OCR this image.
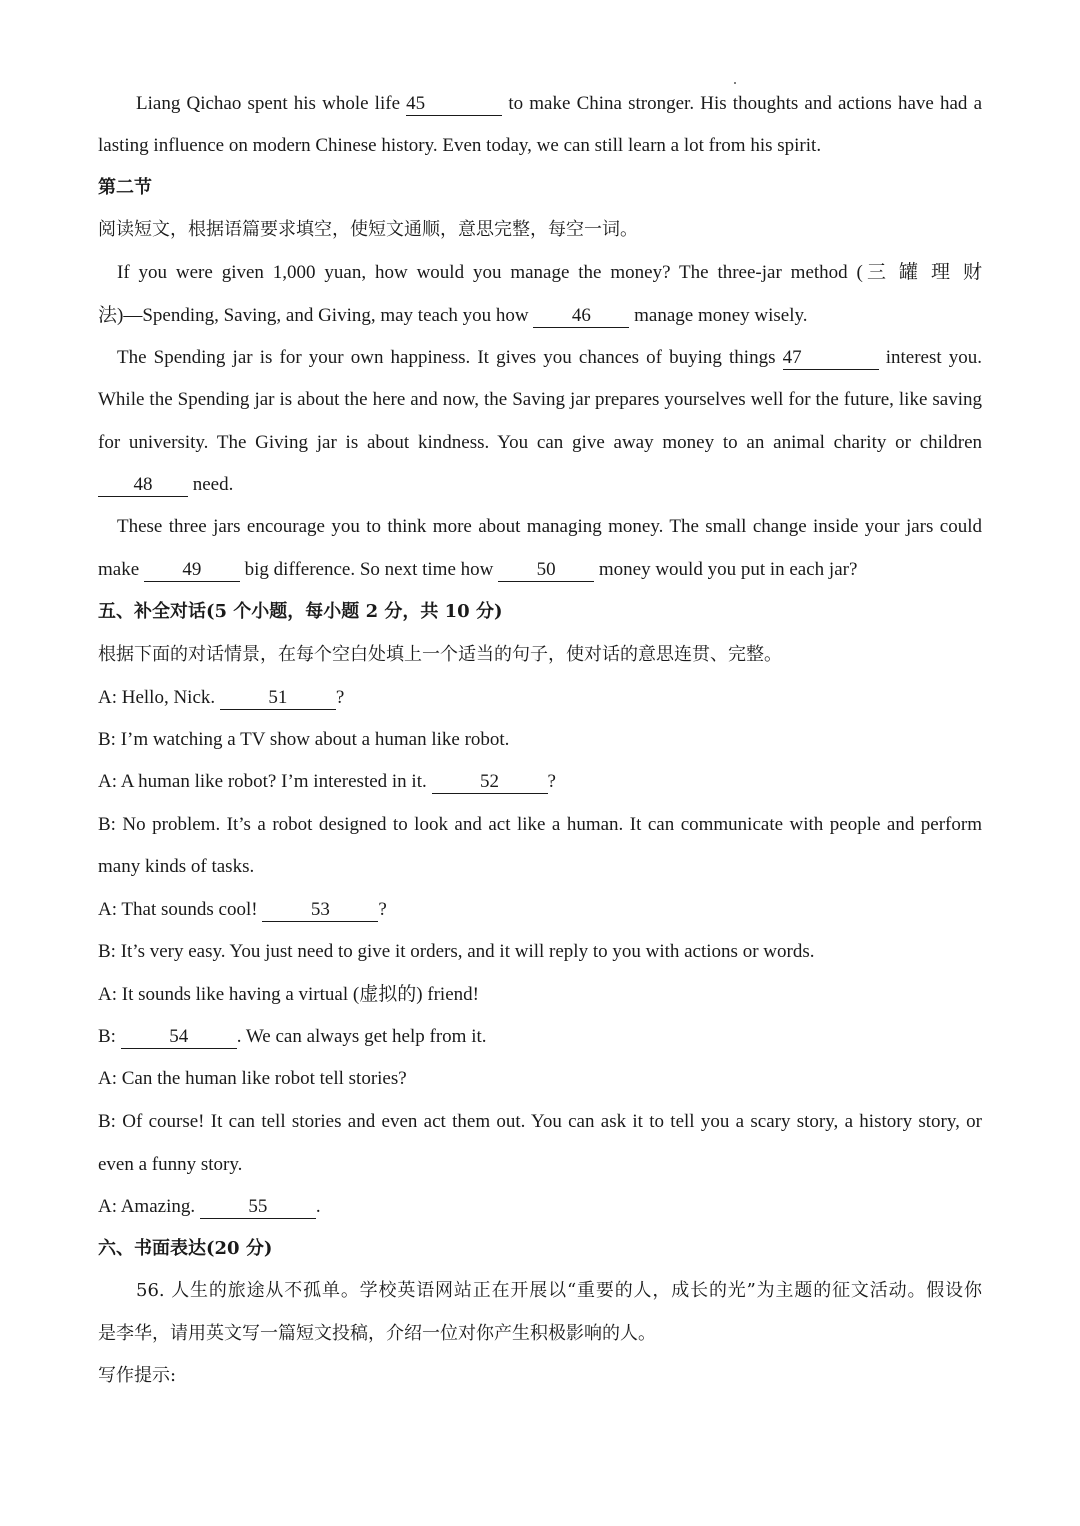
Liang Qichao spent his whole life 45	to make China stronger. His thoughts and actions have had a
lasting influence on modern Chinese history. Even today, we can still learn a lot from his spirit.
第二节
阅读短文，根据语篇要求填空，使短文通顺，意思完整，每空一词。
If you were given 1,000 yuan, how would you manage the money? The three-jar method (三 罐 理 财
法)—Spending, Saving, and Giving, may teach you how 46 manage money wisely.
The Spending jar is for your own happiness. It gives you chances of buying things 47	interest you.
While the Spending jar is about the here and now, the Saving jar prepares yourselves well for the future, like saving
for university. The Giving jar is about kindness. You can give away money to an animal charity or children
48 need.
These three jars encourage you to think more about managing money. The small change inside your jars could
make 49 big difference. So next time how 50 money would you put in each jar?
五、补全对话(5 个小题，每小题 2 分，共 10 分)
根据下面的对话情景，在每个空白处填上一个适当的句子，使对话的意思连贯、完整。
A: Hello, Nick.	51	?
B: I’m watching a TV show about a human like robot.
A: A human like robot? I’m interested in it.	52	?
B: No problem. It’s a robot designed to look and act like a human. It can communicate with people and perform
many kinds of tasks.
A: That sounds cool!	53	?
B: It’s very easy. You just need to give it orders, and it will reply to you with actions or words.
A: It sounds like having a virtual (虚拟的) friend!
B:	54	. We can always get help from it.
A: Can the human like robot tell stories?
B: Of course! It can tell stories and even act them out. You can ask it to tell you a scary story, a history story, or
even a funny story.
A: Amazing.	55	.
六、书面表达(20 分)
56. 人生的旅途从不孤单。学校英语网站正在开展以“重要的人，成长的光”为主题的征文活动。假设你
是李华，请用英文写一篇短文投稿，介绍一位对你产生积极影响的人。
写作提示:
